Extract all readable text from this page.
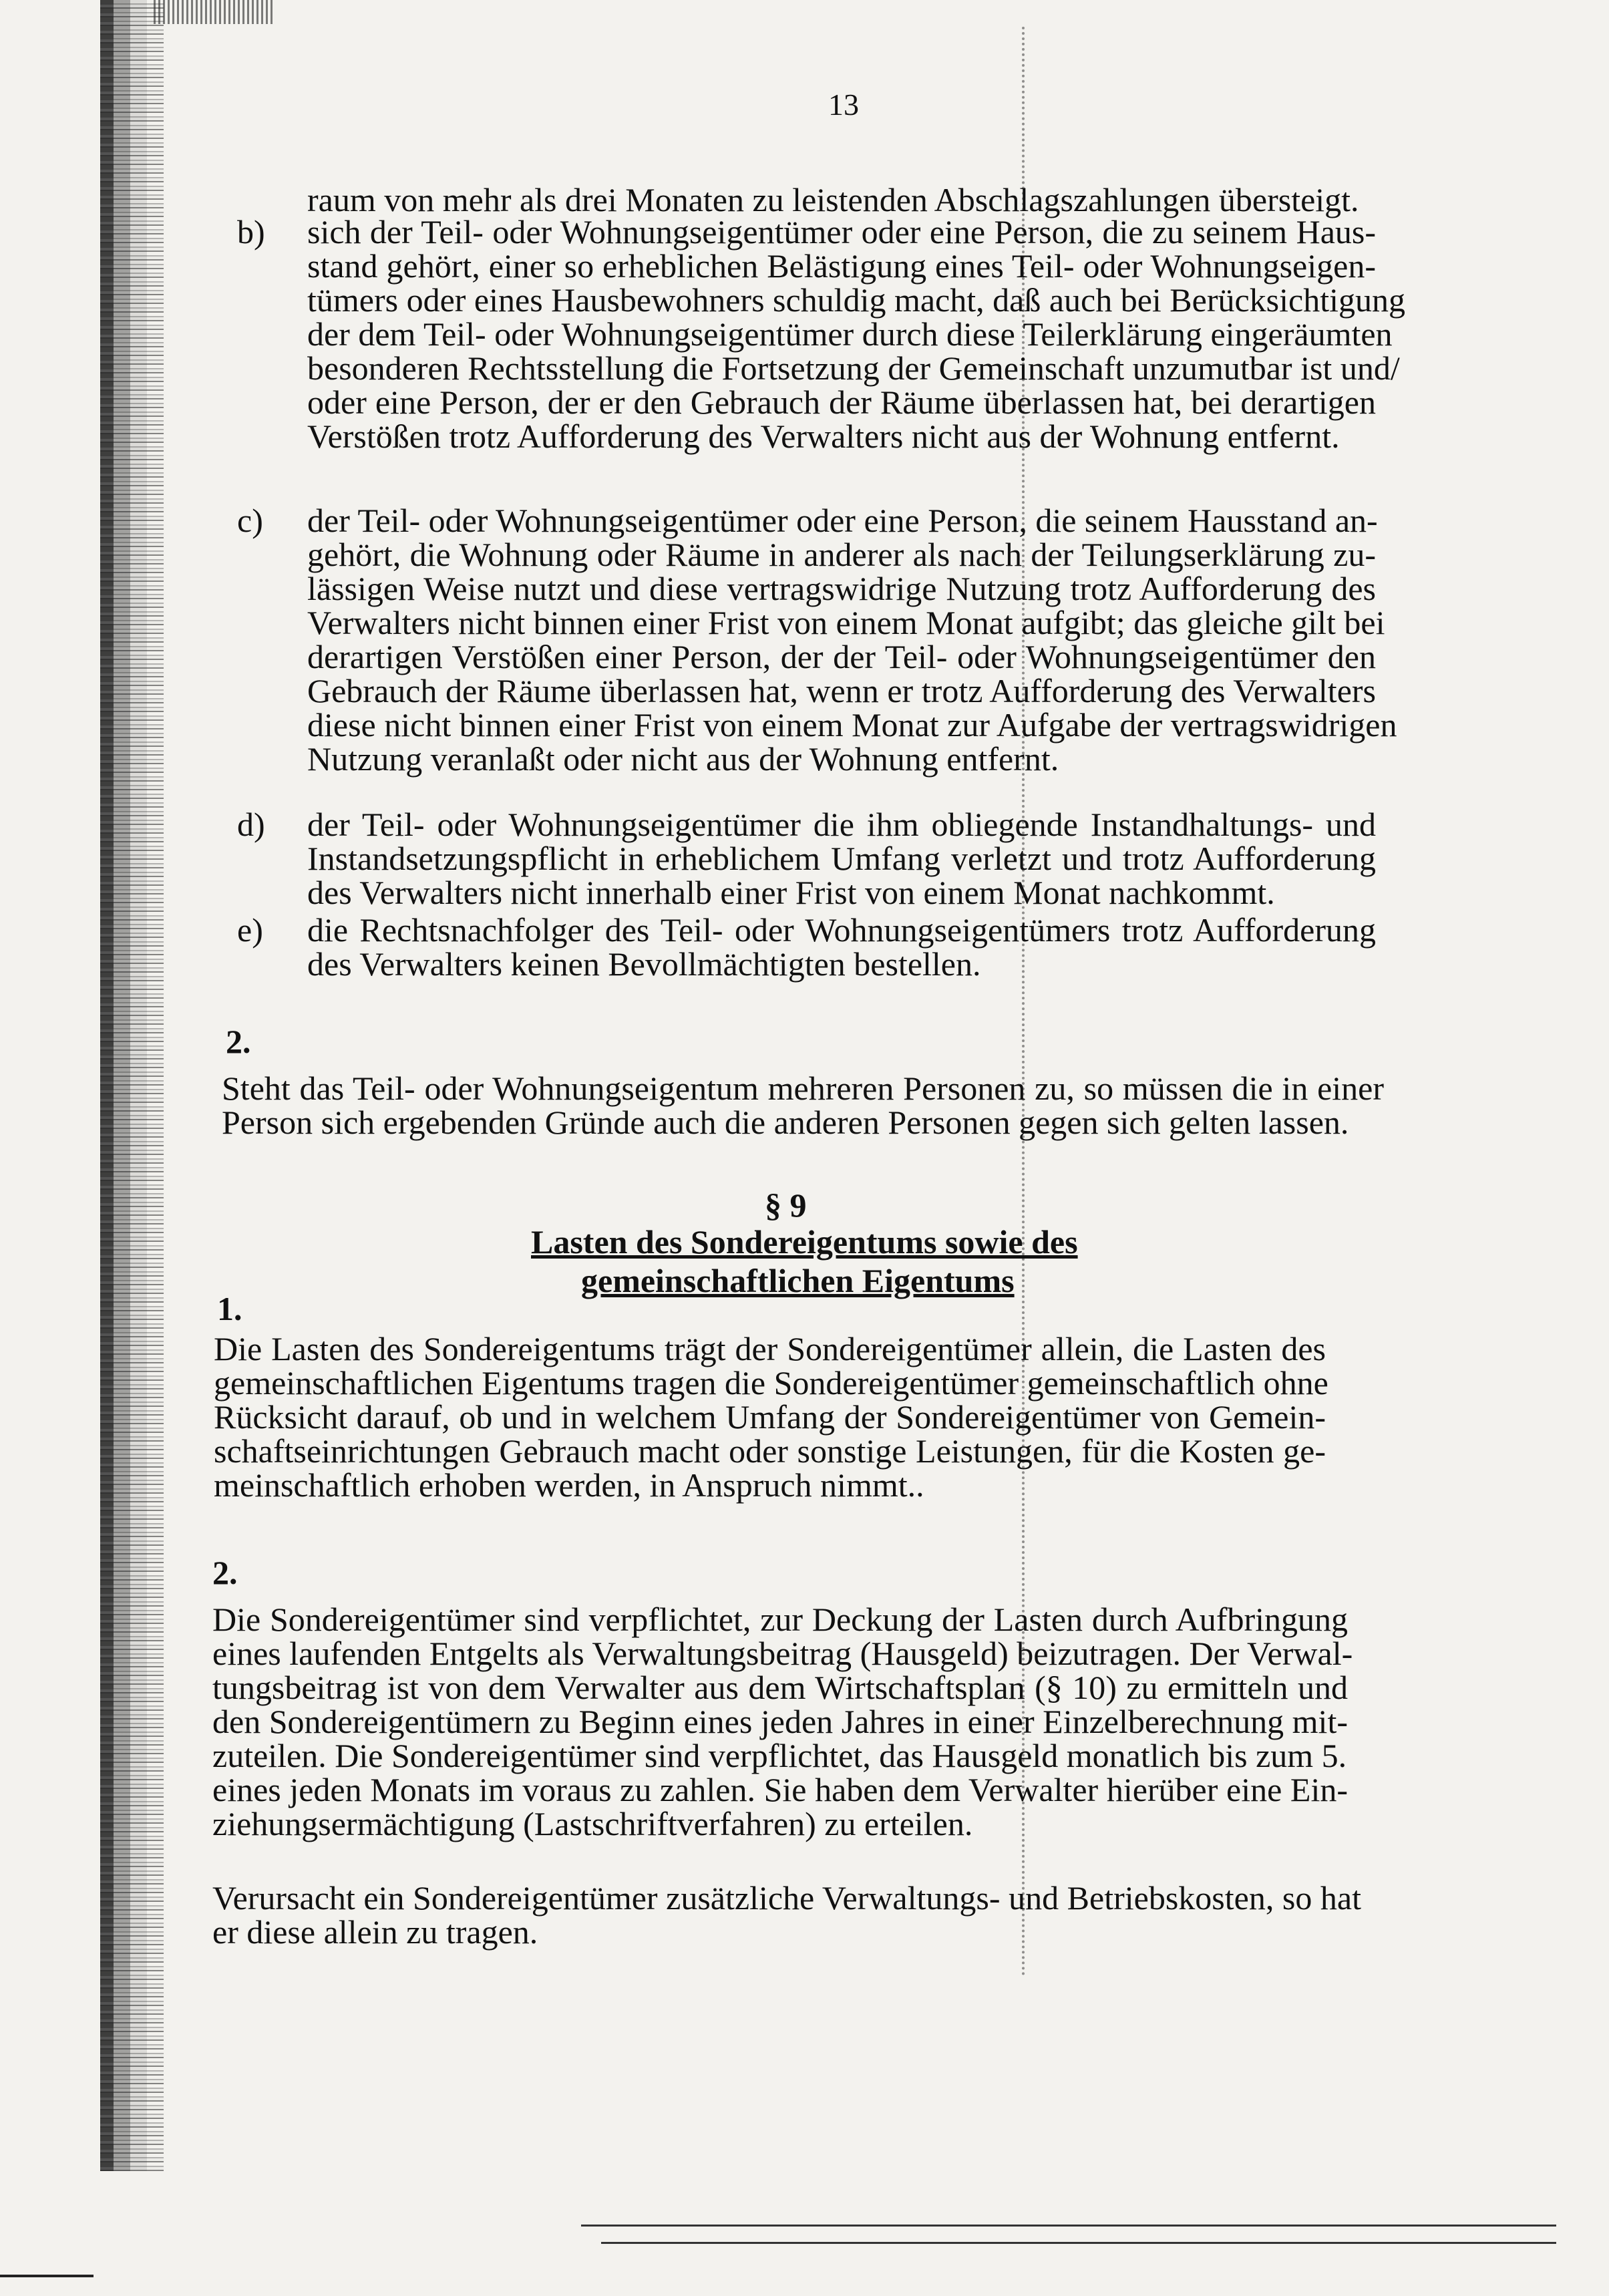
13
raum von mehr als drei Monaten zu leistenden Abschlagszahlungen übersteigt.
b) sich der Teil- oder Wohnungseigentümer oder eine Person, die zu seinem Haus-
stand gehört, einer so erheblichen Belästigung eines Teil- oder Wohnungseigen-
tümers oder eines Hausbewohners schuldig macht, daß auch bei Berücksichtigung
der dem Teil- oder Wohnungseigentümer durch diese Teilerklärung eingeräumten
besonderen Rechtsstellung die Fortsetzung der Gemeinschaft unzumutbar ist und/
oder eine Person, der er den Gebrauch der Räume überlassen hat, bei derartigen
Verstößen trotz Aufforderung des Verwalters nicht aus der Wohnung entfernt.
c) der Teil- oder Wohnungseigentümer oder eine Person, die seinem Hausstand an-
gehört, die Wohnung oder Räume in anderer als nach der Teilungserklärung zu-
lässigen Weise nutzt und diese vertragswidrige Nutzung trotz Aufforderung des
Verwalters nicht binnen einer Frist von einem Monat aufgibt; das gleiche gilt bei
derartigen Verstößen einer Person, der der Teil- oder Wohnungseigentümer den
Gebrauch der Räume überlassen hat, wenn er trotz Aufforderung des Verwalters
diese nicht binnen einer Frist von einem Monat zur Aufgabe der vertragswidrigen
Nutzung veranlaßt oder nicht aus der Wohnung entfernt.
d) der Teil- oder Wohnungseigentümer die ihm obliegende Instandhaltungs- und
Instandsetzungspflicht in erheblichem Umfang verletzt und trotz Aufforderung
des Verwalters nicht innerhalb einer Frist von einem Monat nachkommt.
e) die Rechtsnachfolger des Teil- oder Wohnungseigentümers trotz Aufforderung
des Verwalters keinen Bevollmächtigten bestellen.
2.
Steht das Teil- oder Wohnungseigentum mehreren Personen zu, so müssen die in einer
Person sich ergebenden Gründe auch die anderen Personen gegen sich gelten lassen.
§ 9
Lasten des Sondereigentums sowie des
gemeinschaftlichen Eigentums
1.
Die Lasten des Sondereigentums trägt der Sondereigentümer allein, die Lasten des
gemeinschaftlichen Eigentums tragen die Sondereigentümer gemeinschaftlich ohne
Rücksicht darauf, ob und in welchem Umfang der Sondereigentümer von Gemein-
schaftseinrichtungen Gebrauch macht oder sonstige Leistungen, für die Kosten ge-
meinschaftlich erhoben werden, in Anspruch nimmt..
2.
Die Sondereigentümer sind verpflichtet, zur Deckung der Lasten durch Aufbringung
eines laufenden Entgelts als Verwaltungsbeitrag (Hausgeld) beizutragen. Der Verwal-
tungsbeitrag ist von dem Verwalter aus dem Wirtschaftsplan (§ 10) zu ermitteln und
den Sondereigentümern zu Beginn eines jeden Jahres in einer Einzelberechnung mit-
zuteilen. Die Sondereigentümer sind verpflichtet, das Hausgeld monatlich bis zum 5.
eines jeden Monats im voraus zu zahlen. Sie haben dem Verwalter hierüber eine Ein-
ziehungsermächtigung (Lastschriftverfahren) zu erteilen.
Verursacht ein Sondereigentümer zusätzliche Verwaltungs- und Betriebskosten, so hat
er diese allein zu tragen.
